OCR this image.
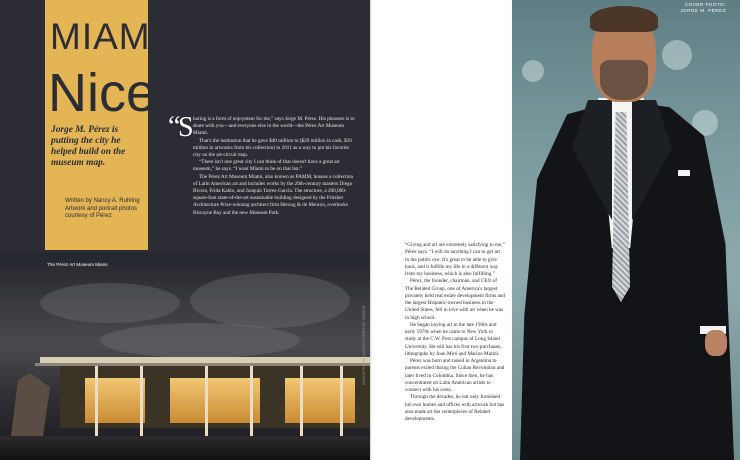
MIAMI
Nice
Jorge M. Pérez is putting the city he helped build on the museum map.
Written by Nancy A. Ruhling
Artwork and portrait photos
courtesy of Pérez
“
S haring is a form of enjoyment for me,” says Jorge M. Pérez. His pleasure is to share with you—and everyone else in the world—the Pérez Art Museum Miami.

That's the institution that he gave $40 million to ($20 million in cash, $20 million in artworks from his collection) in 2011 as a way to put his favorite city on the art-circuit map.

“There isn't one great city I can think of that doesn't have a great art museum,” he says. “I want Miami to be on that list.”

The Pérez Art Museum Miami, also known as PAMM, houses a collection of Latin American art and includes works by the 20th-century masters Diego Rivera, Frida Kahlo, and Joaquín Torres-García. The structure, a 200,000-square-foot state-of-the-art sustainable building designed by the Pritzker Architecture Prize-winning architect firm Herzog & de Meuron, overlooks Biscayne Bay and the new Museum Park.

The Pérez Art Museum Miami
MUSEUM PHOTO: COURTESY PÉREZ ART MUSEUM

“Giving and art are extremely satisfying to me,” Pérez says. “I will do anything I can to get art in the public eye. It's great to be able to give back, and it fulfills my life in a different way from my business, which is also fulfilling.”

Pérez, the founder, chairman, and CEO of The Related Group, one of America's largest privately held real estate development firms and the largest Hispanic-owned business in the United States, fell in love with art when he was in high school.

He began buying art in the late 1960s and early 1970s when he came to New York to study at the C.W. Post campus of Long Island University. He still has his first two purchases, lithographs by Joan Miró and Marino Marini.

Pérez was born and raised in Argentina to parents exiled during the Cuban Revolution and later lived in Colombia. Since then, he has concentrated on Latin American artists to connect with his roots.

Through the decades, he not only furnished his own homes and offices with artwork but has also made art the centerpieces of Related developments.

COVER PHOTO:
JORGE M. PÉREZ
